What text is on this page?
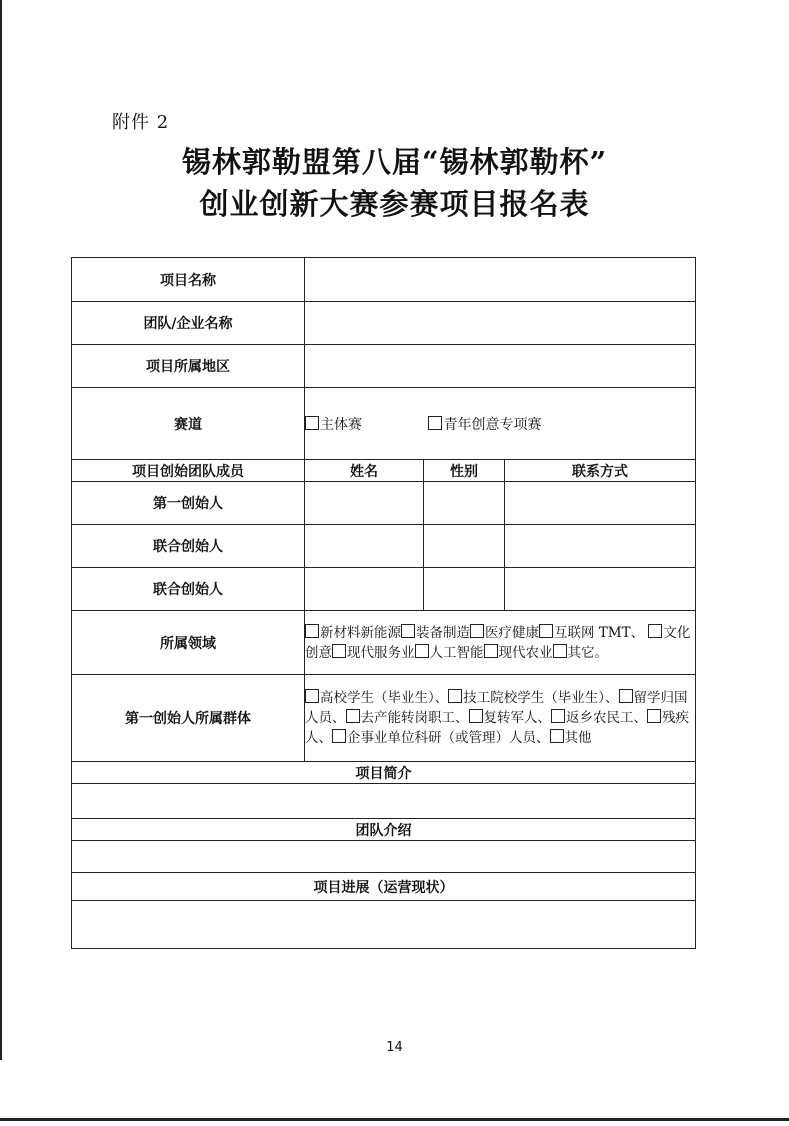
附件 2
锡林郭勒盟第八届“锡林郭勒杯”
创业创新大赛参赛项目报名表
项目名称	
团队/企业名称	
项目所属地区	
赛道	主体赛 青年创意专项赛		
项目创始团队成员	姓名	性别	联系方式
第一创始人			
联合创始人			
联合创始人			
所属领域	新材料新能源 装备制造 医疗健康 互联网 TMT、 文化创意 现代服务业 人工智能 现代农业 其它。		
第一创始人所属群体	高校学生（毕业生）、 技工院校学生（毕业生）、 留学归国人员、 去产能转岗职工、 复转军人、 返乡农民工、 残疾人、 企事业单位科研（或管理）人员、 其他		
项目简介			

团队介绍			

项目进展（运营现状）			

14
